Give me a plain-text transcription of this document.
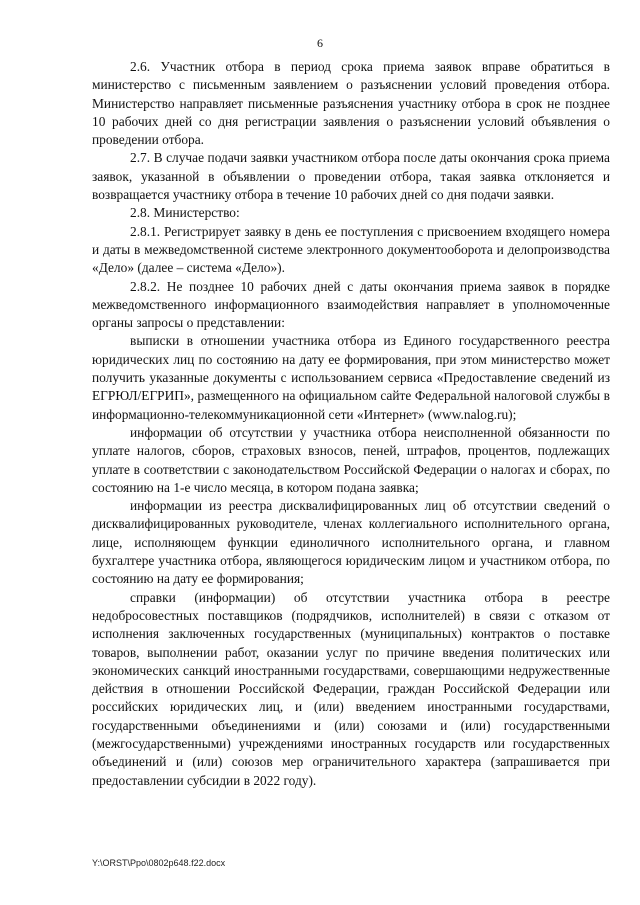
6

2.6. Участник отбора в период срока приема заявок вправе обратиться в министерство с письменным заявлением о разъяснении условий проведения отбора. Министерство направляет письменные разъяснения участнику отбора в срок не позднее 10 рабочих дней со дня регистрации заявления о разъяснении условий объявления о проведении отбора.

2.7. В случае подачи заявки участником отбора после даты окончания срока приема заявок, указанной в объявлении о проведении отбора, такая заявка отклоняется и возвращается участнику отбора в течение 10 рабочих дней со дня подачи заявки.

2.8. Министерство:

2.8.1. Регистрирует заявку в день ее поступления с присвоением входящего номера и даты в межведомственной системе электронного документооборота и делопроизводства «Дело» (далее – система «Дело»).

2.8.2. Не позднее 10 рабочих дней с даты окончания приема заявок в порядке межведомственного информационного взаимодействия направляет в уполномоченные органы запросы о представлении:

выписки в отношении участника отбора из Единого государственного реестра юридических лиц по состоянию на дату ее формирования, при этом министерство может получить указанные документы с использованием сервиса «Предоставление сведений из ЕГРЮЛ/ЕГРИП», размещенного на официальном сайте Федеральной налоговой службы в информационно-телекоммуникационной сети «Интернет» (www.nalog.ru);

информации об отсутствии у участника отбора неисполненной обязанности по уплате налогов, сборов, страховых взносов, пеней, штрафов, процентов, подлежащих уплате в соответствии с законодательством Российской Федерации о налогах и сборах, по состоянию на 1-е число месяца, в котором подана заявка;

информации из реестра дисквалифицированных лиц об отсутствии сведений о дисквалифицированных руководителе, членах коллегиального исполнительного органа, лице, исполняющем функции единоличного исполнительного органа, и главном бухгалтере участника отбора, являющегося юридическим лицом и участником отбора, по состоянию на дату ее формирования;

справки (информации) об отсутствии участника отбора в реестре недобросовестных поставщиков (подрядчиков, исполнителей) в связи с отказом от исполнения заключенных государственных (муниципальных) контрактов о поставке товаров, выполнении работ, оказании услуг по причине введения политических или экономических санкций иностранными государствами, совершающими недружественные действия в отношении Российской Федерации, граждан Российской Федерации или российских юридических лиц, и (или) введением иностранными государствами, государственными объединениями и (или) союзами и (или) государственными (межгосударственными) учреждениями иностранных государств или государственных объединений и (или) союзов мер ограничительного характера (запрашивается при предоставлении субсидии в 2022 году).

Y:\ORST\Ppo\0802p648.f22.docx
